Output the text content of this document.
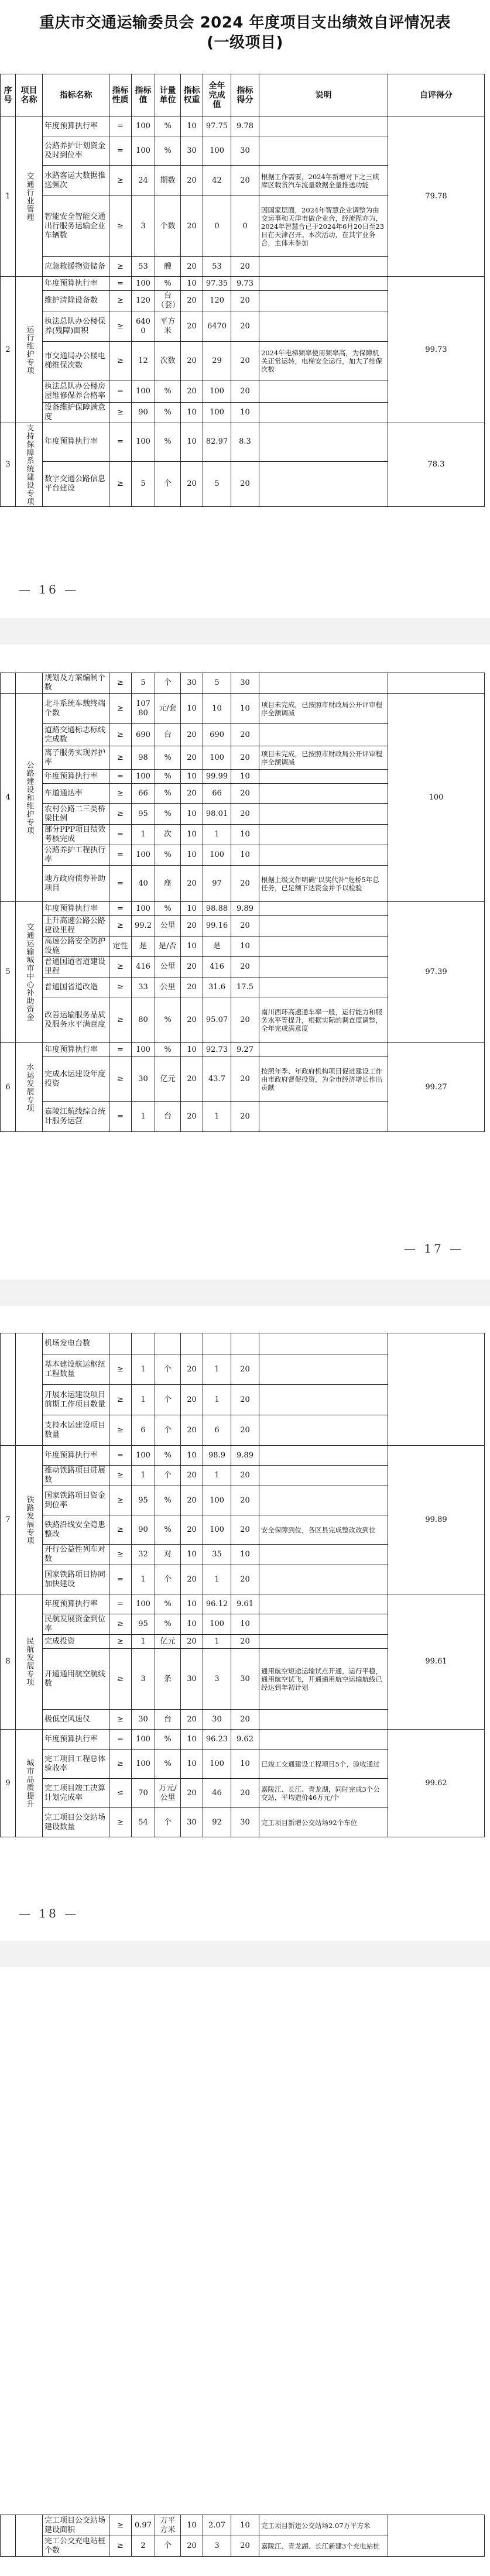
重庆市交通运输委员会 2024 年度项目支出绩效自评情况表
(一级项目)
序号	项目名称	指标名称	指标性质	指标值	计量单位	指标权重	全年完成值	指标得分	说明	自评得分
1	交通行业管理	年度预算执行率	=	100	%	10	97.75	9.78		79.78
		公路养护计划资金及时到位率	=	100	%	30	100	30		
		水路客运大数据推送频次	≥	24	期数	20	42	20	根据工作需要，2024年新增对下之三峡库区载货汽车流量数据全量推送功能	
		智能安全智能交通出行服务运输企业车辆数	≥	3	个数	20	0	0	因国家层面，2024年智慧企业调整为由交运事和天津市做企业合，经流程亦为，2024年智慧合已于2024年6月20日至23日在天津召开。本次活动，在其宇业务合，主体未参加	
		应急救援物资储备	≥	53	艘	20	53	20		
2	运行维护专项	年度预算执行率	=	100	%	10	97.35	9.73		99.73
		维护清除设备数	≥	120	台（套）	20	120	20		
		执法总队办公楼保养(残障)面积	≥	6400	平方米	20	6470	20		
		市交通局办公楼电梯维保次数	≥	12	次数	20	29	20	2024年电梯频率使用频率高，为保障机关正常运转，电梯安全运行，加大了维保次数	
		执法总队办公楼房屋维修保养合格率	=	100	%	20	100	20		
		设备维护保障满意度	≥	90	%	10	100	10		
3	支持保障系统建设专项	年度预算执行率	=	100	%	10	82.97	8.3		78.3
		数字交通公路信息平台建设	≥	5	个	20	5	20		
— 16 —
		规划及方案编制个数	≥	5	个	30	5	30		
4	公路建设和维护专项	北斗系统车载终端个数	≥	10780	元/套	10	10	10	项目未完成，已按照市财政局公开评审程序全额调减	100
		道路交通标志标线完成数	≥	690	台	20	690	20		
		离子服务实现养护率	≥	98	%	20	100	20	项目未完成，已按照市财政局公开评审程序全额调减	
		年度预算执行率	=	100	%	10	99.99	10		
		车道通达率	≥	66	%	20	66	20		
		农村公路二三类桥梁比例	≥	95	%	10	98.01	20		
		部分PPP项目绩效考核完成	=	1	次	10	1	10		
		公路养护工程执行率	=	100	%	10	100	10		
		地方政府债券补助项目	=	40	座	20	97	20	根据上级文件明确"以奖代补"危桥5年总任务，已足额下达资金并予以检验	
5	交通运输城市中心补助资金	年度预算执行率	=	100	%	10	98.88	9.89		97.39
		上升高速公路公路建设里程	≥	99.2	公里	20	99.16	20		
		高速公路安全防护设施	定性	是	是/否	10	是	10		
		普通国道省道建设里程	≥	416	公里	20	416	20		
		普通国省道改造	≥	33	公里	20	31.6	17.5		
		改善运输服务品质及服务水平满意度	≥	80	%	20	95.07	20	南川西环高速通车率一般，运行能力和服务水平等提升，根据实际的调查度调整，全年完成满意度	
6	水运发展专项	年度预算执行率	=	100	%	10	92.73	9.27		99.27
		完成水运建设年度投资	≥	30	亿元	20	43.7	20	按照年季、年政府机构项目促进建设工作由市政府督促投资，为全市经济增长作出贡献	
		嘉陵江航线综合统计服务运营	=	1	台	20	1	20		
— 17 —
		机场发电台数								
		基本建设航运枢纽工程数量	≥	1	个	20	1	20		
		开展水运建设项目前期工作项目数量	≥	1	个	20	1	20		
		支持水运建设项目数量	≥	6	个	20	6	20		
7	铁路发展专项	年度预算执行率	=	100	%	10	98.9	9.89		99.89
		推动铁路项目进展数	≥	1	个	20	1	20		
		国家铁路项目资金到位率	≥	95	%	20	100	20		
		铁路沿线安全隐患整改	≥	90	%	20	100	20	安全保障到位，各区县完成整改改到位	
		开行公益性列车对数	≥	32	对	10	35	10		
		国家铁路项目协同加快建设	=	1	个	20	1	20		
8	民航发展专项	年度预算执行率	=	100	%	10	96.12	9.61		99.61
		民航发展资金到位率	≥	95	%	10	100	10		
		完成投资	≥	1	亿元	20	1	20		
		开通通用航空航线数	≥	3	条	30	3	30	通用航空短途运输试点开通，运行平稳，通用航空试飞，开通通用航空运输航线已经达到年初计划	
		极低空风速仪	≥	30	台	20	30	20		
9	城市品质提升	年度预算执行率	=	100	%	10	96.23	9.62		99.62
		完工项目工程总体验收率	≥	100	%	10	100	10	已竣工交通建设工程项目5个，验收通过	
		完工项目竣工决算计划完成率	≤	70	万元/公里	20	46	20	嘉陵江、长江、青龙湖，同时完成3个公交站，平均造价46万元/个	
		完工项目公交站场建设数量	≥	54	个	30	92	30	完工项目新增公交站场92个车位	
— 18 —
		完工项目公交站场建设面积	≥	0.97	万平方米	10	2.07	10	完工项目新建公交站场2.07万平方米	
		完工公交充电站桩个数	≥	2	个	20	3	20	嘉陵江、青龙湖、长江新建3个充电站桩	
